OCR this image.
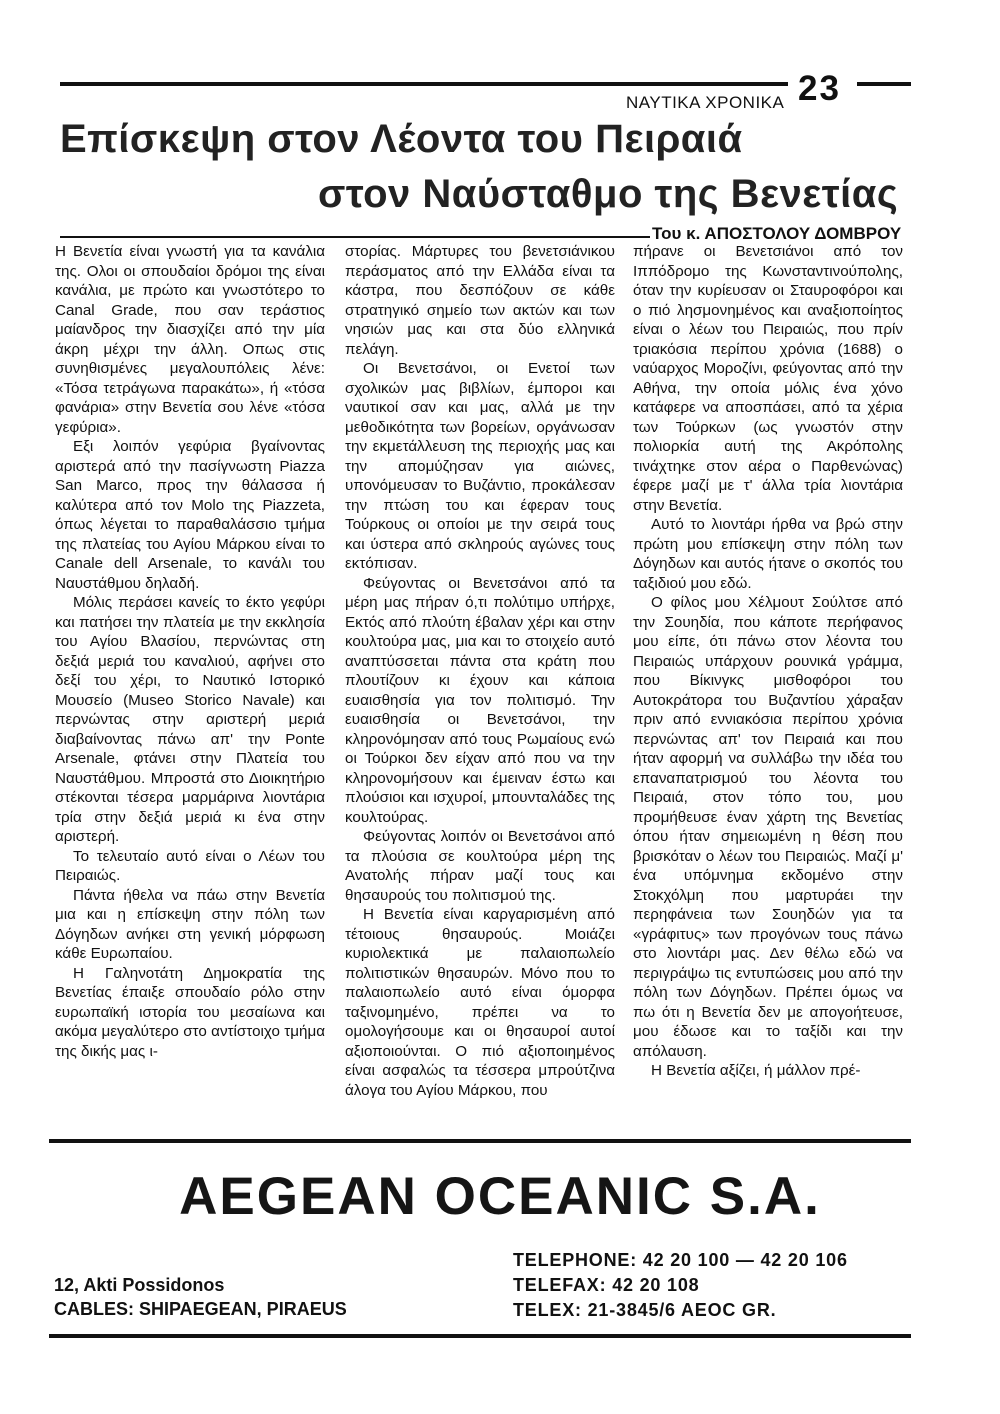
ΝΑΥΤΙΚΑ ΧΡΟΝΙΚΑ 23
Επίσκεψη στον Λέοντα του Πειραιά
στον Ναύσταθμο της Βενετίας
Του κ. ΑΠΟΣΤΟΛΟΥ ΔΟΜΒΡΟΥ

Η Βενετία είναι γνωστή για τα κανάλια της. Ολοι οι σπουδαίοι δρόμοι της είναι κανάλια, με πρώτο και γνωστότερο το Canal Grade, που σαν τεράστιος μαίανδρος την διασχίζει από την μία άκρη μέχρι την άλλη. Οπως στις συνηθισμένες μεγαλουπόλεις λένε: «Τόσα τετράγωνα παρακάτω», ή «τόσα φανάρια» στην Βενετία σου λένε «τόσα γεφύρια».

Εξι λοιπόν γεφύρια βγαίνοντας αριστερά από την πασίγνωστη Piazza San Marco, προς την θάλασσα ή καλύτερα από τον Molo της Piazzeta, όπως λέγεται το παραθαλάσσιο τμήμα της πλατείας του Αγίου Μάρκου είναι το Canale dell Arsenale, το κανάλι του Ναυστάθμου δηλαδή.

Μόλις περάσει κανείς το έκτο γεφύρι και πατήσει την πλατεία με την εκκλησία του Αγίου Βλασίου, περνώντας στη δεξιά μεριά του καναλιού, αφήνει στο δεξί του χέρι, το Ναυτικό Ιστορικό Μουσείο (Museo Storico Navale) και περνώντας στην αριστερή μεριά διαβαίνοντας πάνω απ' την Ponte Arsenale, φτάνει στην Πλατεία του Ναυστάθμου. Μπροστά στο Διοικητήριο στέκονται τέσερα μαρμάρινα λιοντάρια τρία στην δεξιά μεριά κι ένα στην αριστερή.

Το τελευταίο αυτό είναι ο Λέων του Πειραιώς.

Πάντα ήθελα να πάω στην Βενετία μια και η επίσκεψη στην πόλη των Δόγηδων ανήκει στη γενική μόρφωση κάθε Ευρωπαίου.

Η Γαληνοτάτη Δημοκρατία της Βενετίας έπαιξε σπουδαίο ρόλο στην ευρωπαϊκή ιστορία του μεσαίωνα και ακόμα μεγαλύτερο στο αντίστοιχο τμήμα της δικής μας ι-

στορίας. Μάρτυρες του βενετσιάνικου περάσματος από την Ελλάδα είναι τα κάστρα, που δεσπόζουν σε κάθε στρατηγικό σημείο των ακτών και των νησιών μας και στα δύο ελληνικά πελάγη.

Οι Βενετσάνοι, οι Ενετοί των σχολικών μας βιβλίων, έμποροι και ναυτικοί σαν και μας, αλλά με την μεθοδικότητα των βορείων, οργάνωσαν την εκμετάλλευση της περιοχής μας και την απομύζησαν για αιώνες, υπονόμευσαν το Βυζάντιο, προκάλεσαν την πτώση του και έφεραν τους Τούρκους οι οποίοι με την σειρά τους και ύστερα από σκληρούς αγώνες τους εκτόπισαν.

Φεύγοντας οι Βενετσάνοι από τα μέρη μας πήραν ό,τι πολύτιμο υπήρχε, Εκτός από πλούτη έβαλαν χέρι και στην κουλτούρα μας, μια και το στοιχείο αυτό αναπτύσσεται πάντα στα κράτη που πλουτίζουν κι έχουν και κάποια ευαισθησία για τον πολιτισμό. Την ευαισθησία οι Βενετσάνοι, την κληρονόμησαν από τους Ρωμαίους ενώ οι Τούρκοι δεν είχαν από που να την κληρονομήσουν και έμειναν έστω και πλούσιοι και ισχυροί, μπουνταλάδες της κουλτούρας.

Φεύγοντας λοιπόν οι Βενετσάνοι από τα πλούσια σε κουλτούρα μέρη της Ανατολής πήραν μαζί τους και θησαυρούς του πολιτισμού της.

Η Βενετία είναι καργαρισμένη από τέτοιους θησαυρούς. Μοιάζει κυριολεκτικά με παλαιοπωλείο πολιτιστικών θησαυρών. Μόνο που το παλαιοπωλείο αυτό είναι όμορφα ταξινομημένο, πρέπει να το ομολογήσουμε και οι θησαυροί αυτοί αξιοποιούνται. Ο πιό αξιοποιημένος είναι ασφαλώς τα τέσσερα μπρούτζινα άλογα του Αγίου Μάρκου, που

πήρανε οι Βενετσιάνοι από τον Ιππόδρομο της Κωνσταντινούπολης, όταν την κυρίευσαν οι Σταυροφόροι και ο πιό λησμονημένος και αναξιοποίητος είναι ο λέων του Πειραιώς, που πρίν τριακόσια περίπου χρόνια (1688) ο ναύαρχος Μοροζίνι, φεύγοντας από την Αθήνα, την οποία μόλις ένα χόνο κατάφερε να αποσπάσει, από τα χέρια των Τούρκων (ως γνωστόν στην πολιορκία αυτή της Ακρόπολης τινάχτηκε στον αέρα ο Παρθενώνας) έφερε μαζί με τ' άλλα τρία λιοντάρια στην Βενετία.

Αυτό το λιοντάρι ήρθα να βρώ στην πρώτη μου επίσκεψη στην πόλη των Δόγηδων και αυτός ήτανε ο σκοπός του ταξιδιού μου εδώ.

Ο φίλος μου Χέλμουτ Σούλτσε από την Σουηδία, που κάποτε περήφανος μου είπε, ότι πάνω στον λέοντα του Πειραιώς υπάρχουν ρουνικά γράμμα, που Βίκινγκς μισθοφόροι του Αυτοκράτορα του Βυζαντίου χάραξαν πριν από εννιακόσια περίπου χρόνια περνώντας απ' τον Πειραιά και που ήταν αφορμή να συλλάβω την ιδέα του επαναπατρισμού του λέοντα του Πειραιά, στον τόπο του, μου προμήθευσε έναν χάρτη της Βενετίας όπου ήταν σημειωμένη η θέση που βρισκόταν ο λέων του Πειραιώς. Μαζί μ' ένα υπόμνημα εκδομένο στην Στοκχόλμη που μαρτυράει την περηφάνεια των Σουηδών για τα «γράφιτυς» των προγόνων τους πάνω στο λιοντάρι μας. Δεν θέλω εδώ να περιγράψω τις εντυπώσεις μου από την πόλη των Δόγηδων. Πρέπει όμως να πω ότι η Βενετία δεν με απογοήτευσε, μου έδωσε και το ταξίδι και την απόλαυση.

Η Βενετία αξίζει, ή μάλλον πρέ-

AEGEAN OCEANIC S.A.
12, Akti Possidonos
CABLES: SHIPAEGEAN, PIRAEUS
TELEPHONE: 42 20 100 — 42 20 106
TELEFAX: 42 20 108
TELEX: 21-3845/6 AEOC GR.
